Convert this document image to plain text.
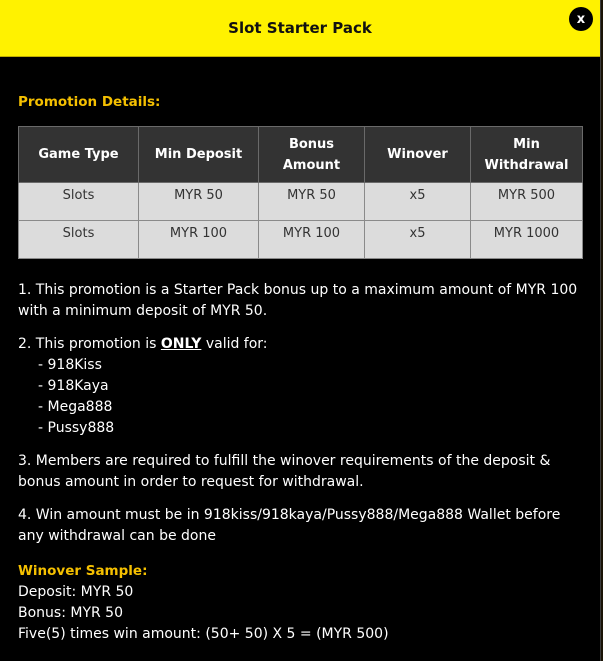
Slot Starter Pack	x
Promotion Details:
Game Type	Min Deposit	Bonus Amount	Winover	Min Withdrawal
Slots	MYR 50	MYR 50	x5	MYR 500
Slots	MYR 100	MYR 100	x5	MYR 1000

1. This promotion is a Starter Pack bonus up to a maximum amount of MYR 100 with a minimum deposit of MYR 50.

2. This promotion is ONLY valid for:
- 918Kiss
- 918Kaya
- Mega888
- Pussy888

3. Members are required to fulfill the winover requirements of the deposit & bonus amount in order to request for withdrawal.

4. Win amount must be in 918kiss/918kaya/Pussy888/Mega888 Wallet before any withdrawal can be done

Winover Sample:
Deposit: MYR 50
Bonus: MYR 50
Five(5) times win amount: (50+ 50) X 5 = (MYR 500)
